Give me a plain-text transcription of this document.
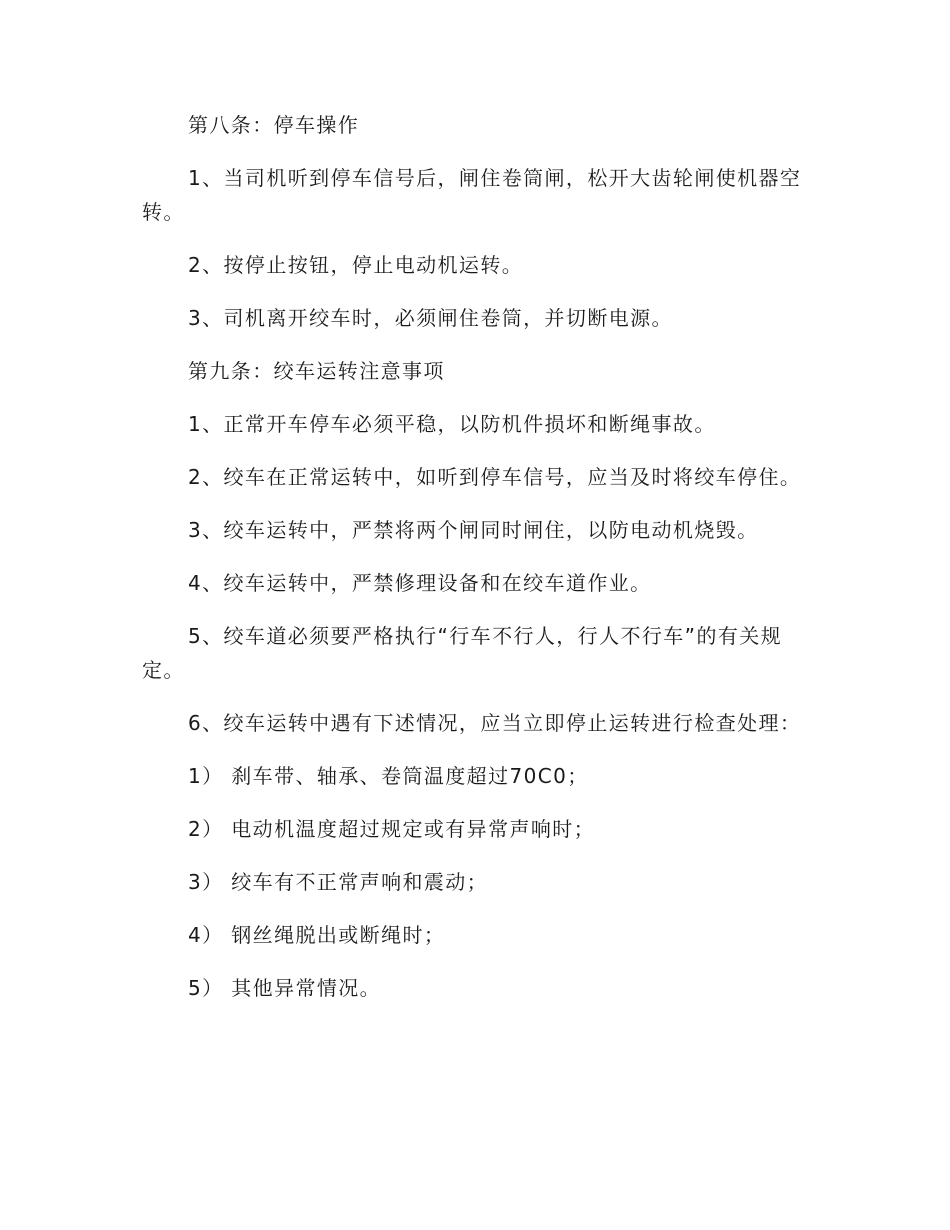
第八条：停车操作

1、当司机听到停车信号后，闸住卷筒闸，松开大齿轮闸使机器空转。

2、按停止按钮，停止电动机运转。

3、司机离开绞车时，必须闸住卷筒，并切断电源。

第九条：绞车运转注意事项

1、正常开车停车必须平稳，以防机件损坏和断绳事故。

2、绞车在正常运转中，如听到停车信号，应当及时将绞车停住。

3、绞车运转中，严禁将两个闸同时闸住，以防电动机烧毁。

4、绞车运转中，严禁修理设备和在绞车道作业。

5、绞车道必须要严格执行“行车不行人，行人不行车”的有关规定。

6、绞车运转中遇有下述情况，应当立即停止运转进行检查处理：

1） 刹车带、轴承、卷筒温度超过70C0；

2） 电动机温度超过规定或有异常声响时；

3） 绞车有不正常声响和震动；

4） 钢丝绳脱出或断绳时；

5） 其他异常情况。
